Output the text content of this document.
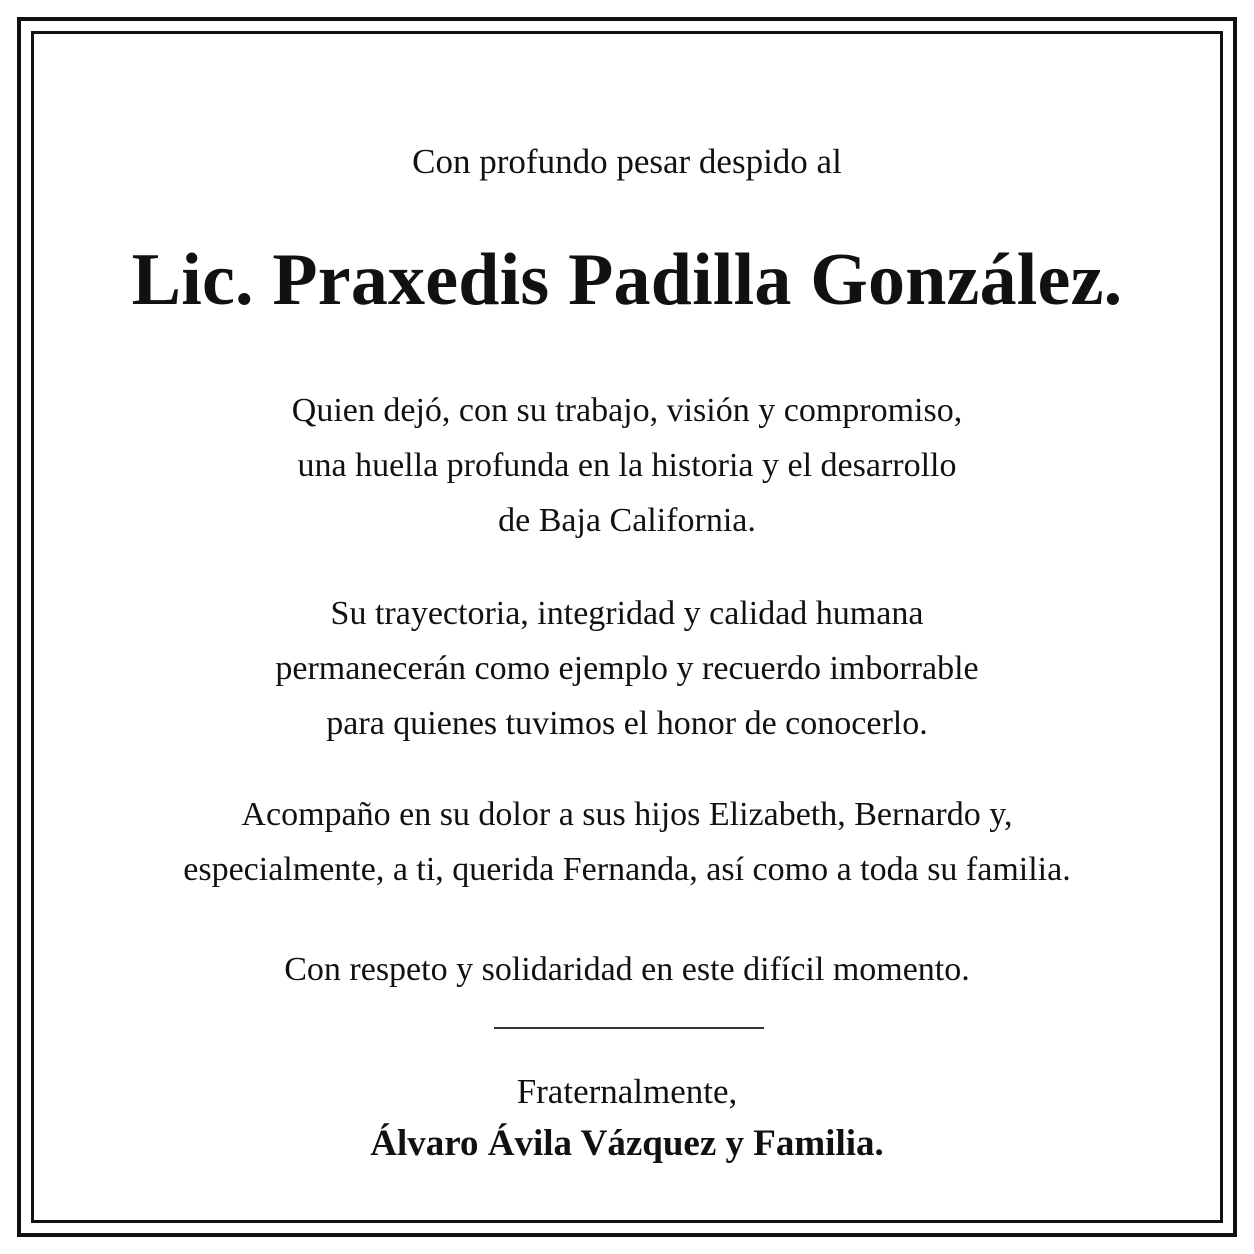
Con profundo pesar despido al
Lic. Praxedis Padilla González.
Quien dejó, con su trabajo, visión y compromiso,
una huella profunda en la historia y el desarrollo
de Baja California.
Su trayectoria, integridad y calidad humana
permanecerán como ejemplo y recuerdo imborrable
para quienes tuvimos el honor de conocerlo.
Acompaño en su dolor a sus hijos Elizabeth, Bernardo y,
especialmente, a ti, querida Fernanda, así como a toda su familia.
Con respeto y solidaridad en este difícil momento.
Fraternalmente,
Álvaro Ávila Vázquez y Familia.
